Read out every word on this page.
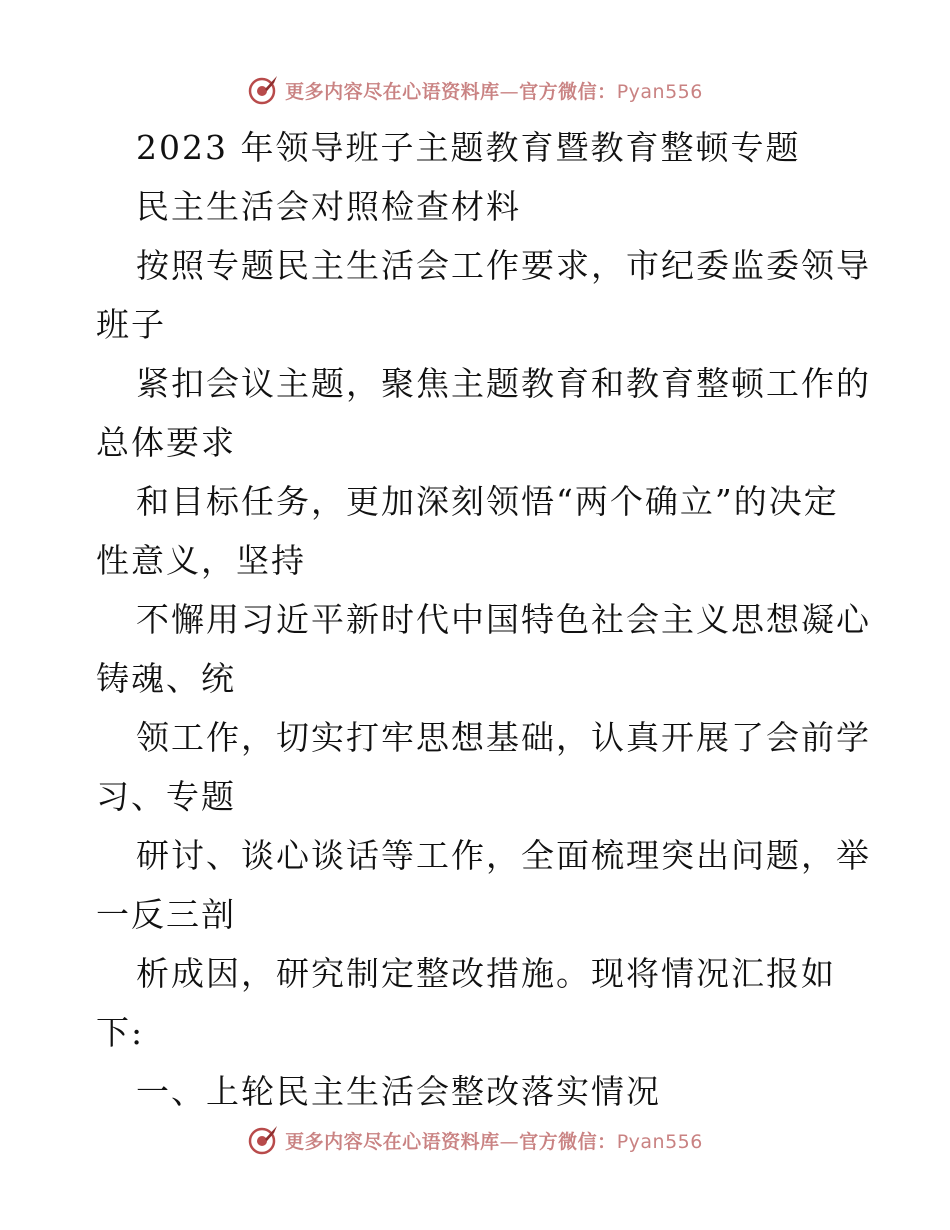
更多内容尽在心语资料库—官方微信：Pyan556
2023 年领导班子主题教育暨教育整顿专题
民主生活会对照检查材料
按照专题民主生活会工作要求，市纪委监委领导
班子
紧扣会议主题，聚焦主题教育和教育整顿工作的
总体要求
和目标任务，更加深刻领悟“两个确立”的决定
性意义，坚持
不懈用习近平新时代中国特色社会主义思想凝心
铸魂、统
领工作，切实打牢思想基础，认真开展了会前学
习、专题
研讨、谈心谈话等工作，全面梳理突出问题，举
一反三剖
析成因，研究制定整改措施。现将情况汇报如
下:
一、上轮民主生活会整改落实情况
更多内容尽在心语资料库—官方微信：Pyan556
